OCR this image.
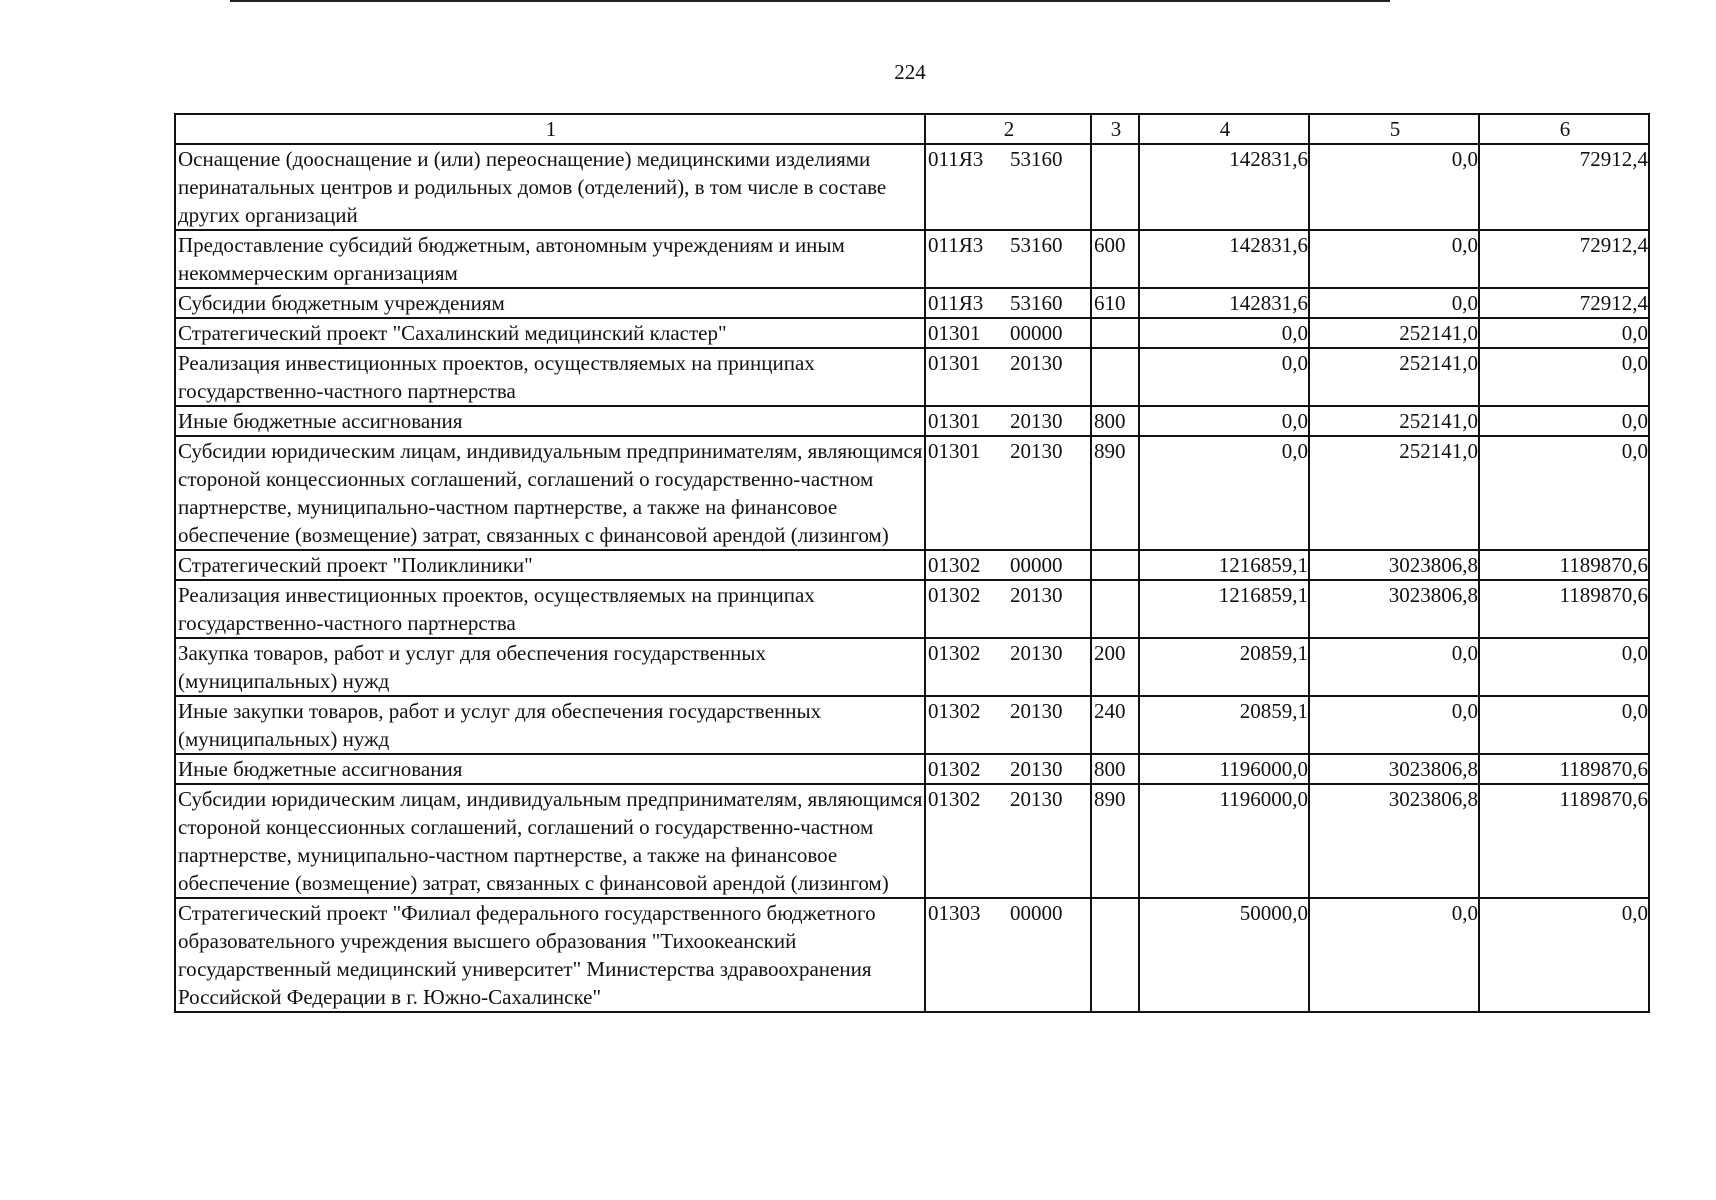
224
1	2	3	4	5	6
Оснащение (дооснащение и (или) переоснащение) медицинскими изделиями перинатальных центров и родильных домов (отделений), в том числе в составе других организаций	011Я3 53160		142831,6	0,0	72912,4
Предоставление субсидий бюджетным, автономным учреждениям и иным некоммерческим организациям	011Я3 53160	600	142831,6	0,0	72912,4
Субсидии бюджетным учреждениям	011Я3 53160	610	142831,6	0,0	72912,4
Стратегический проект "Сахалинский медицинский кластер"	01301 00000		0,0	252141,0	0,0
Реализация инвестиционных проектов, осуществляемых на принципах государственно-частного партнерства	01301 20130		0,0	252141,0	0,0
Иные бюджетные ассигнования	01301 20130	800	0,0	252141,0	0,0
Субсидии юридическим лицам, индивидуальным предпринимателям, являющимся стороной концессионных соглашений, соглашений о государственно-частном партнерстве, муниципально-частном партнерстве, а также на финансовое обеспечение (возмещение) затрат, связанных с финансовой арендой (лизингом)	01301 20130	890	0,0	252141,0	0,0
Стратегический проект "Поликлиники"	01302 00000		1216859,1	3023806,8	1189870,6
Реализация инвестиционных проектов, осуществляемых на принципах государственно-частного партнерства	01302 20130		1216859,1	3023806,8	1189870,6
Закупка товаров, работ и услуг для обеспечения государственных (муниципальных) нужд	01302 20130	200	20859,1	0,0	0,0
Иные закупки товаров, работ и услуг для обеспечения государственных (муниципальных) нужд	01302 20130	240	20859,1	0,0	0,0
Иные бюджетные ассигнования	01302 20130	800	1196000,0	3023806,8	1189870,6
Субсидии юридическим лицам, индивидуальным предпринимателям, являющимся стороной концессионных соглашений, соглашений о государственно-частном партнерстве, муниципально-частном партнерстве, а также на финансовое обеспечение (возмещение) затрат, связанных с финансовой арендой (лизингом)	01302 20130	890	1196000,0	3023806,8	1189870,6
Стратегический проект "Филиал федерального государственного бюджетного образовательного учреждения высшего образования "Тихоокеанский государственный медицинский университет" Министерства здравоохранения Российской Федерации в г. Южно-Сахалинске"	01303 00000		50000,0	0,0	0,0
